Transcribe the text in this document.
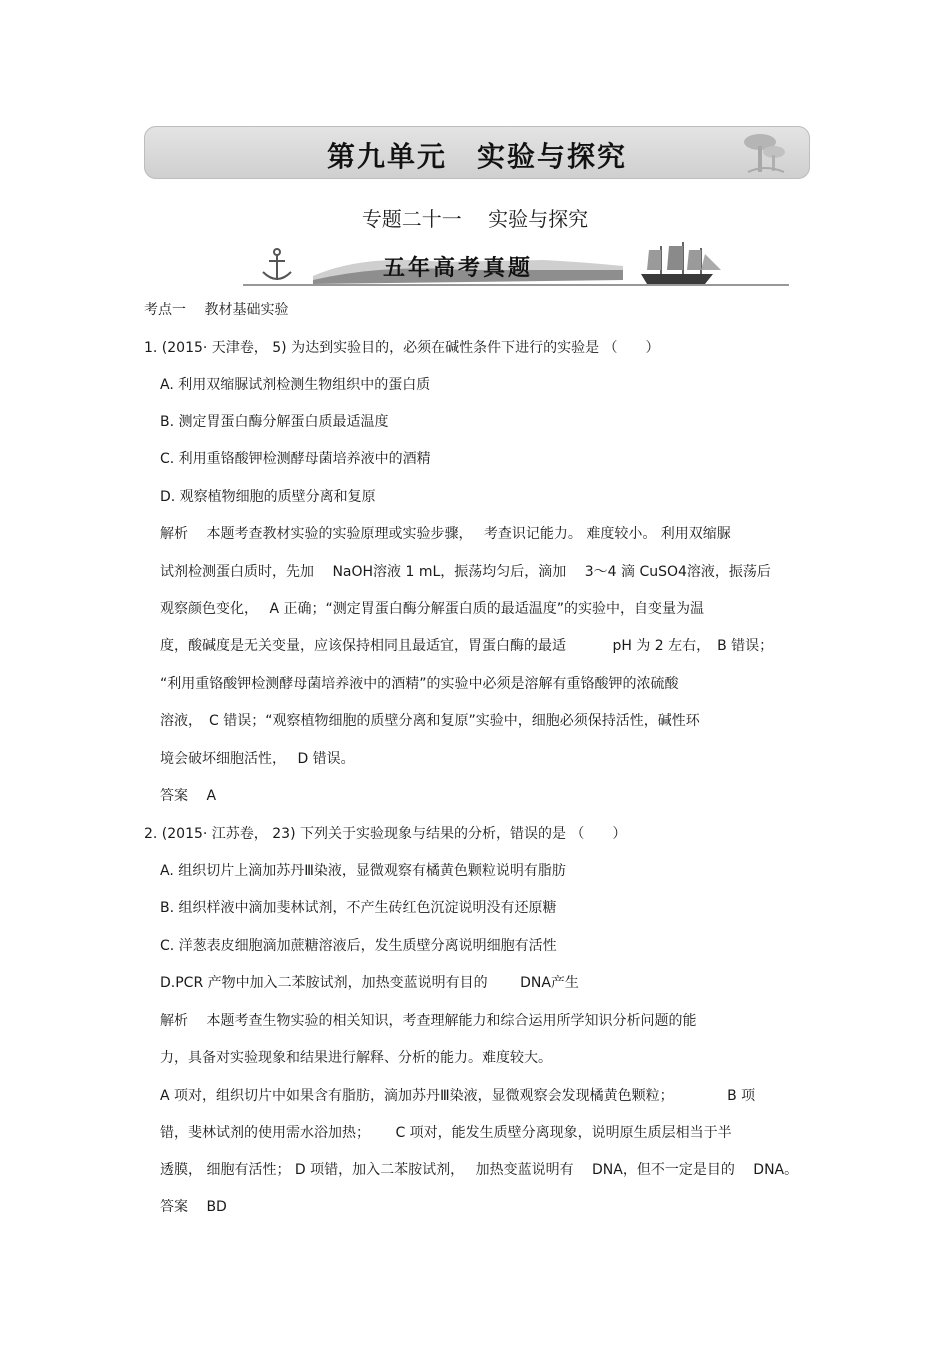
第九单元　实验与探究
专题二十一　 实验与探究
五年高考真题
考点一　 教材基础实验
1. (2015· 天津卷， 5) 为达到实验目的，必须在碱性条件下进行的实验是 （　　）
A. 利用双缩脲试剂检测生物组织中的蛋白质
B. 测定胃蛋白酶分解蛋白质最适温度
C. 利用重铬酸钾检测酵母菌培养液中的酒精
D. 观察植物细胞的质壁分离和复原
解析　 本题考查教材实验的实验原理或实验步骤，　 考查识记能力。 难度较小。 利用双缩脲
试剂检测蛋白质时，先加　 NaOH溶液 1 mL，振荡均匀后，滴加　 3～4 滴 CuSO4溶液，振荡后
观察颜色变化，　 A 正确；“测定胃蛋白酶分解蛋白质的最适温度”的实验中，自变量为温
度，酸碱度是无关变量，应该保持相同且最适宜，胃蛋白酶的最适　　　 pH 为 2 左右，　B 错误；
“利用重铬酸钾检测酵母菌培养液中的酒精”的实验中必须是溶解有重铬酸钾的浓硫酸
溶液，　C 错误；“观察植物细胞的质壁分离和复原”实验中，细胞必须保持活性，碱性环
境会破坏细胞活性，　 D 错误。
答案　 A
2. (2015· 江苏卷， 23) 下列关于实验现象与结果的分析，错误的是 （　　）
A. 组织切片上滴加苏丹Ⅲ染液，显微观察有橘黄色颗粒说明有脂肪
B. 组织样液中滴加斐林试剂，不产生砖红色沉淀说明没有还原糖
C. 洋葱表皮细胞滴加蔗糖溶液后，发生质壁分离说明细胞有活性
D.PCR 产物中加入二苯胺试剂，加热变蓝说明有目的　　 DNA产生
解析　 本题考查生物实验的相关知识，考查理解能力和综合运用所学知识分析问题的能
力，具备对实验现象和结果进行解释、分析的能力。难度较大。
A 项对，组织切片中如果含有脂肪，滴加苏丹Ⅲ染液，显微观察会发现橘黄色颗粒；　　　　 B 项
错，斐林试剂的使用需水浴加热；　　 C 项对，能发生质壁分离现象，说明原生质层相当于半
透膜， 细胞有活性； D 项错，加入二苯胺试剂，　 加热变蓝说明有　 DNA，但不一定是目的　 DNA。
答案　 BD
